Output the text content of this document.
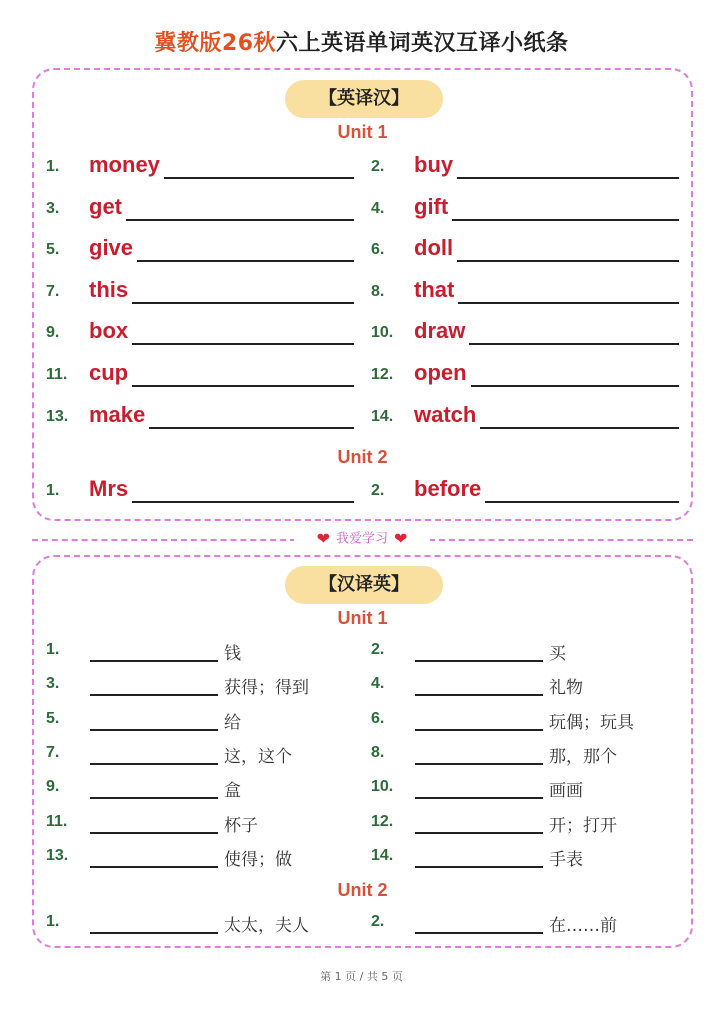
冀教版26秋六上英语单词英汉互译小纸条
【英译汉】
Unit 1
1. money	2. buy
3. get	4. gift
5. give	6. doll
7. this	8. that
9. box	10. draw
11. cup	12. open
13. make	14. watch
Unit 2
1. Mrs	2. before
❤ 我爱学习 ❤
【汉译英】
Unit 1
1.	钱	2.	买
3.	获得；得到	4.	礼物
5.	给	6.	玩偶；玩具
7.	这，这个	8.	那，那个
9.	盒	10.	画画
11.	杯子	12.	开；打开
13.	使得；做	14.	手表
Unit 2
1.	太太，夫人	2.	在……前
第 1 页 / 共 5 页
